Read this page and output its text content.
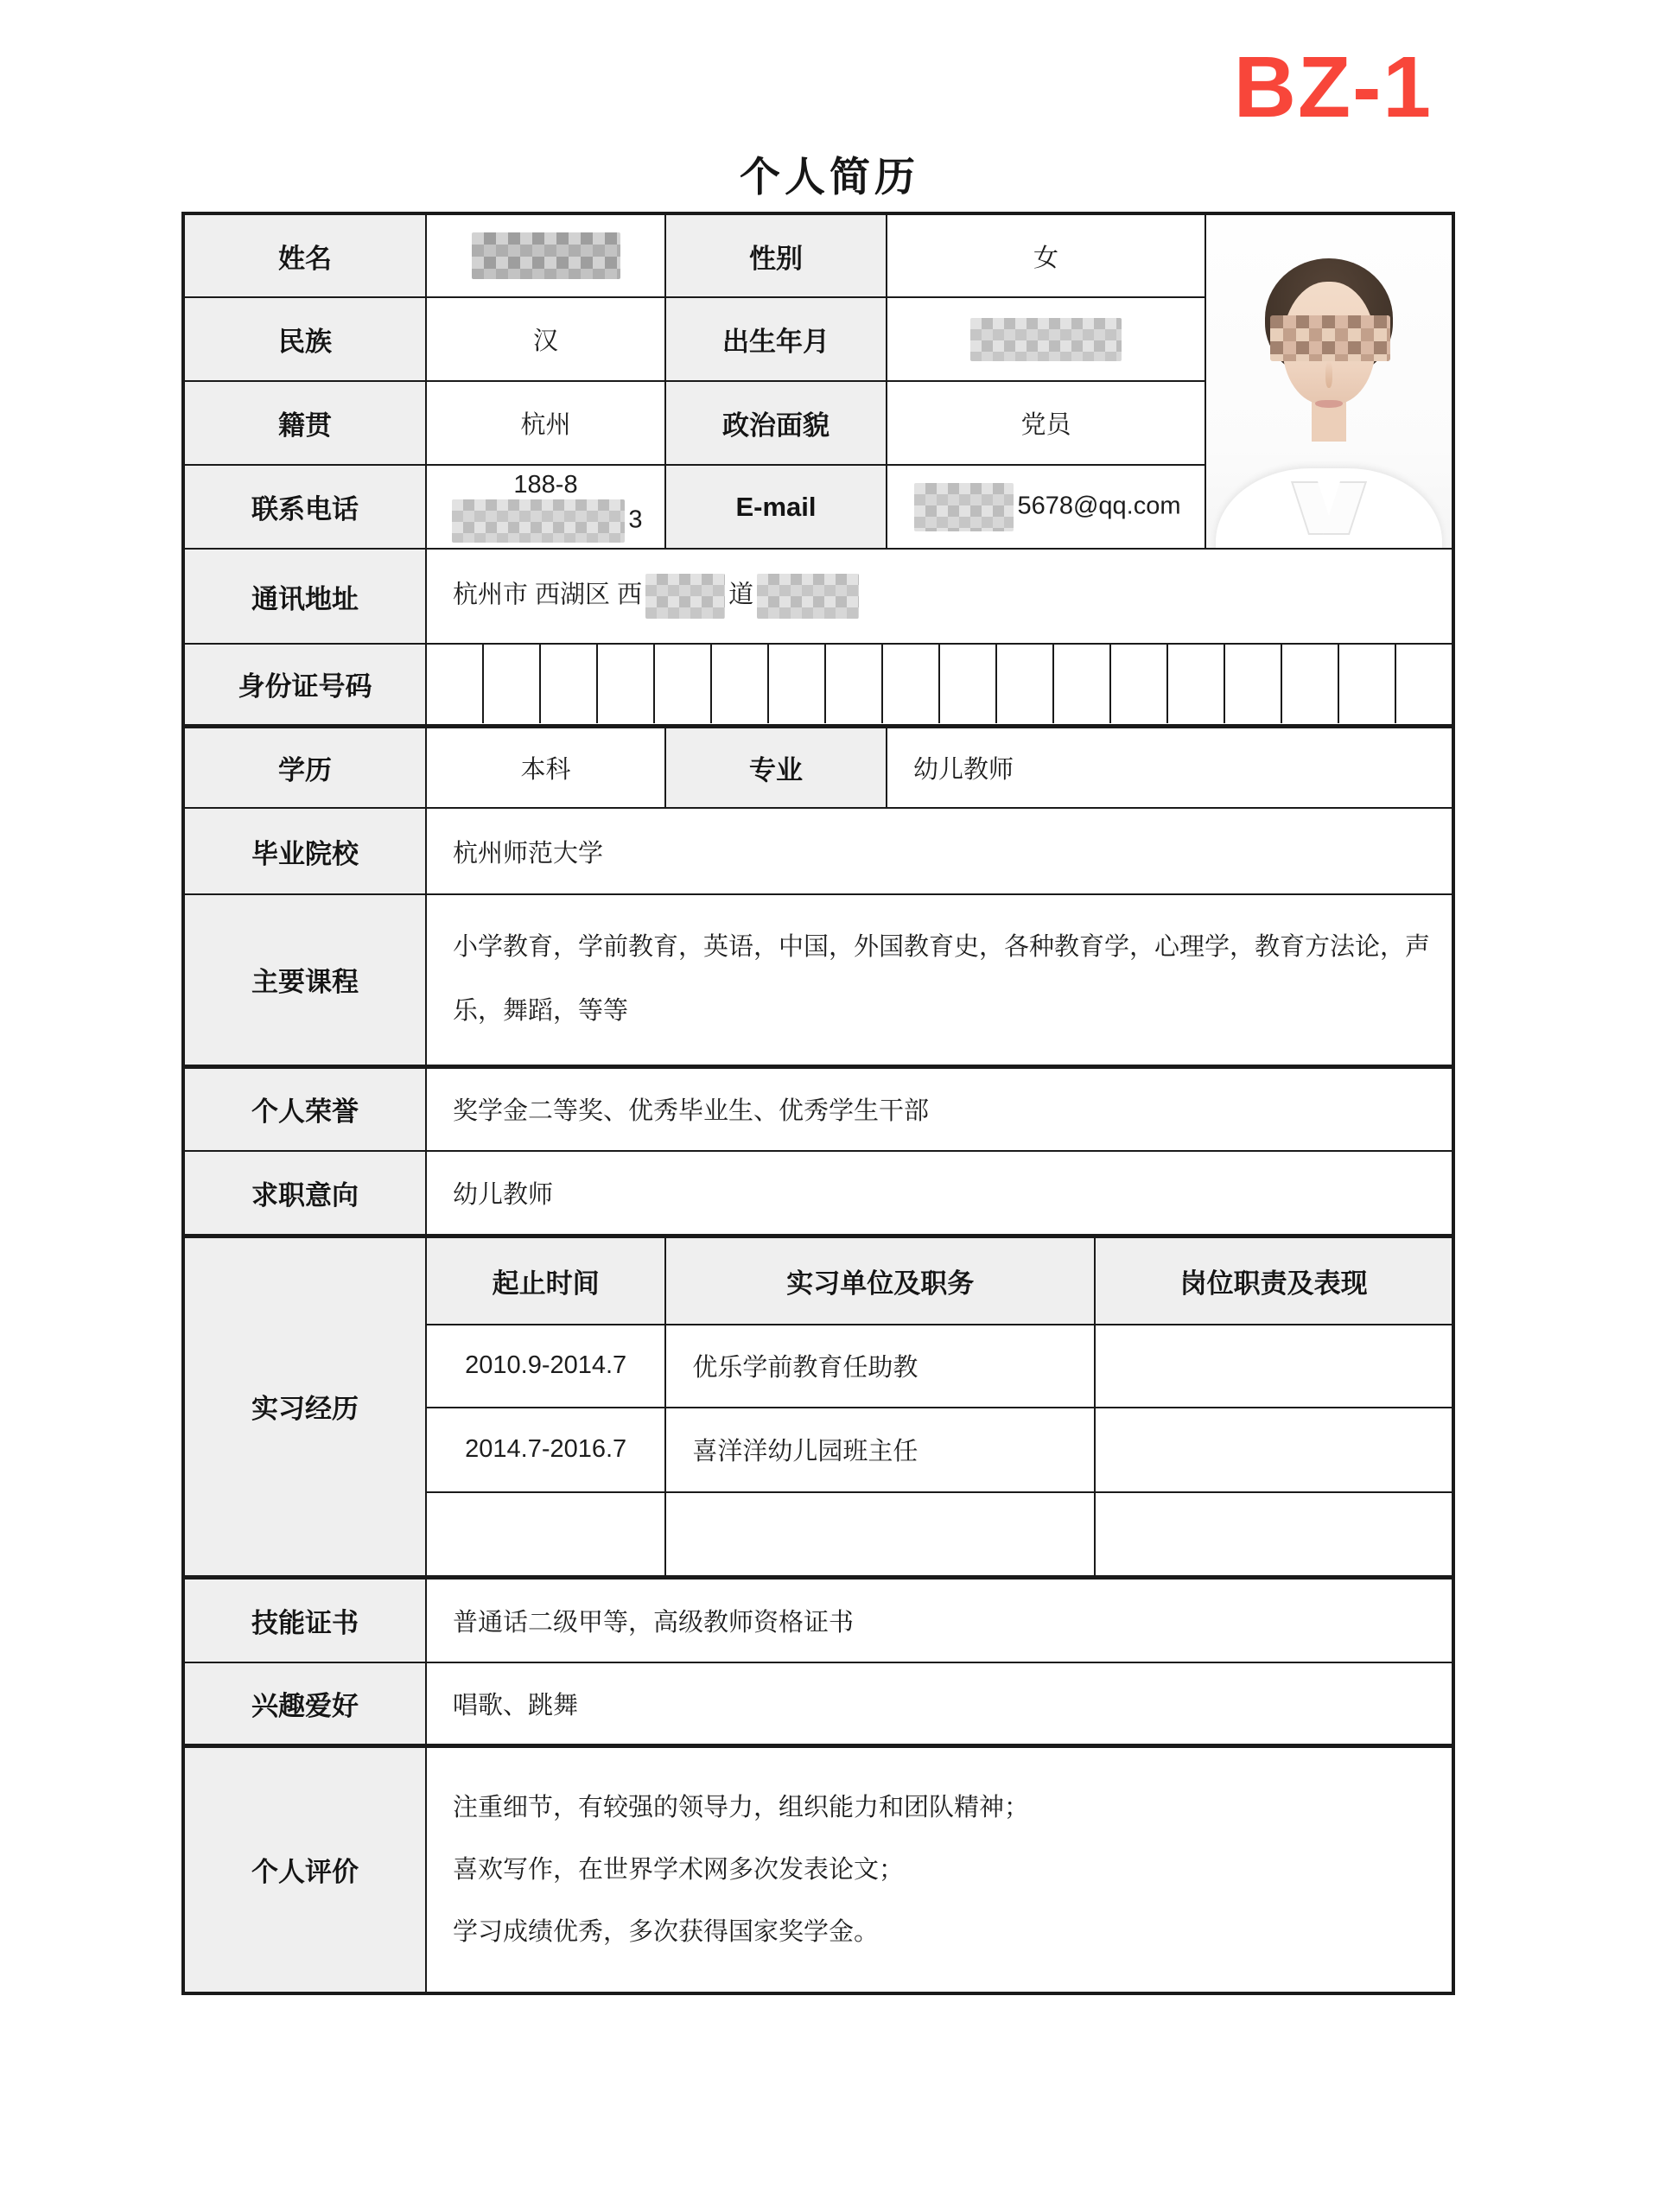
BZ-1
个人简历
姓名		性别	女	

民族	汉	出生年月	
籍贯	杭州	政治面貌	党员
联系电话	188-83	E-mail	5678@qq.com
通讯地址	杭州市 西湖区 西	道
身份证号码	

学历	本科	专业	幼儿教师
毕业院校	杭州师范大学
主要课程	小学教育，学前教育，英语，中国，外国教育史，各种教育学，心理学，教育方法论，声乐，舞蹈，等等
个人荣誉	奖学金二等奖、优秀毕业生、优秀学生干部
求职意向	幼儿教师
实习经历	
起止时间	实习单位及职务	岗位职责及表现
2010.9-2014.7	优乐学前教育任助教	
2014.7-2016.7	喜洋洋幼儿园班主任	

技能证书	普通话二级甲等，高级教师资格证书
兴趣爱好	唱歌、跳舞
个人评价	

注重细节，有较强的领导力，组织能力和团队精神；

喜欢写作，在世界学术网多次发表论文；

学习成绩优秀，多次获得国家奖学金。
